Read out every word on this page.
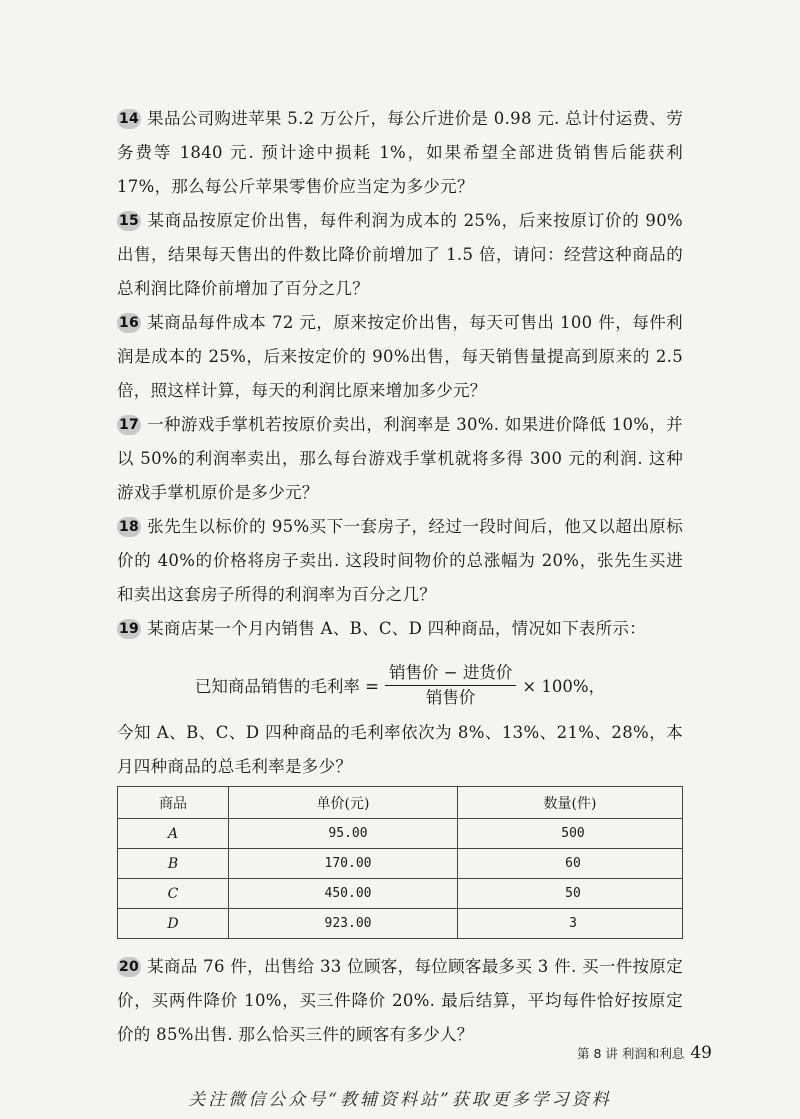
14 果品公司购进苹果 5.2 万公斤，每公斤进价是 0.98 元. 总计付运费、劳务费等 1840 元. 预计途中损耗 1%，如果希望全部进货销售后能获利 17%，那么每公斤苹果零售价应当定为多少元？
15 某商品按原定价出售，每件利润为成本的 25%，后来按原订价的 90%出售，结果每天售出的件数比降价前增加了 1.5 倍，请问：经营这种商品的总利润比降价前增加了百分之几？
16 某商品每件成本 72 元，原来按定价出售，每天可售出 100 件，每件利润是成本的 25%，后来按定价的 90%出售，每天销售量提高到原来的 2.5 倍，照这样计算，每天的利润比原来增加多少元？
17 一种游戏手掌机若按原价卖出，利润率是 30%. 如果进价降低 10%，并以 50%的利润率卖出，那么每台游戏手掌机就将多得 300 元的利润. 这种游戏手掌机原价是多少元？
18 张先生以标价的 95%买下一套房子，经过一段时间后，他又以超出原标价的 40%的价格将房子卖出. 这段时间物价的总涨幅为 20%，张先生买进和卖出这套房子所得的利润率为百分之几？
19 某商店某一个月内销售 A、B、C、D 四种商品，情况如下表所示：
已知商品销售的毛利率 = $\frac{\text{销售价 − 进货价}}{\text{销售价}} \times 100\%$，
今知 A、B、C、D 四种商品的毛利率依次为 8%、13%、21%、28%，本月四种商品的总毛利率是多少？
商品	单价(元)	数量(件)
A	95.00	500
B	170.00	60
C	450.00	50
D	923.00	3
20 某商品 76 件，出售给 33 位顾客，每位顾客最多买 3 件. 买一件按原定价，买两件降价 10%，买三件降价 20%. 最后结算，平均每件恰好按原定价的 85%出售. 那么恰买三件的顾客有多少人？
第 8 讲 利润和利息 49
关注微信公众号“教辅资料站”获取更多学习资料
